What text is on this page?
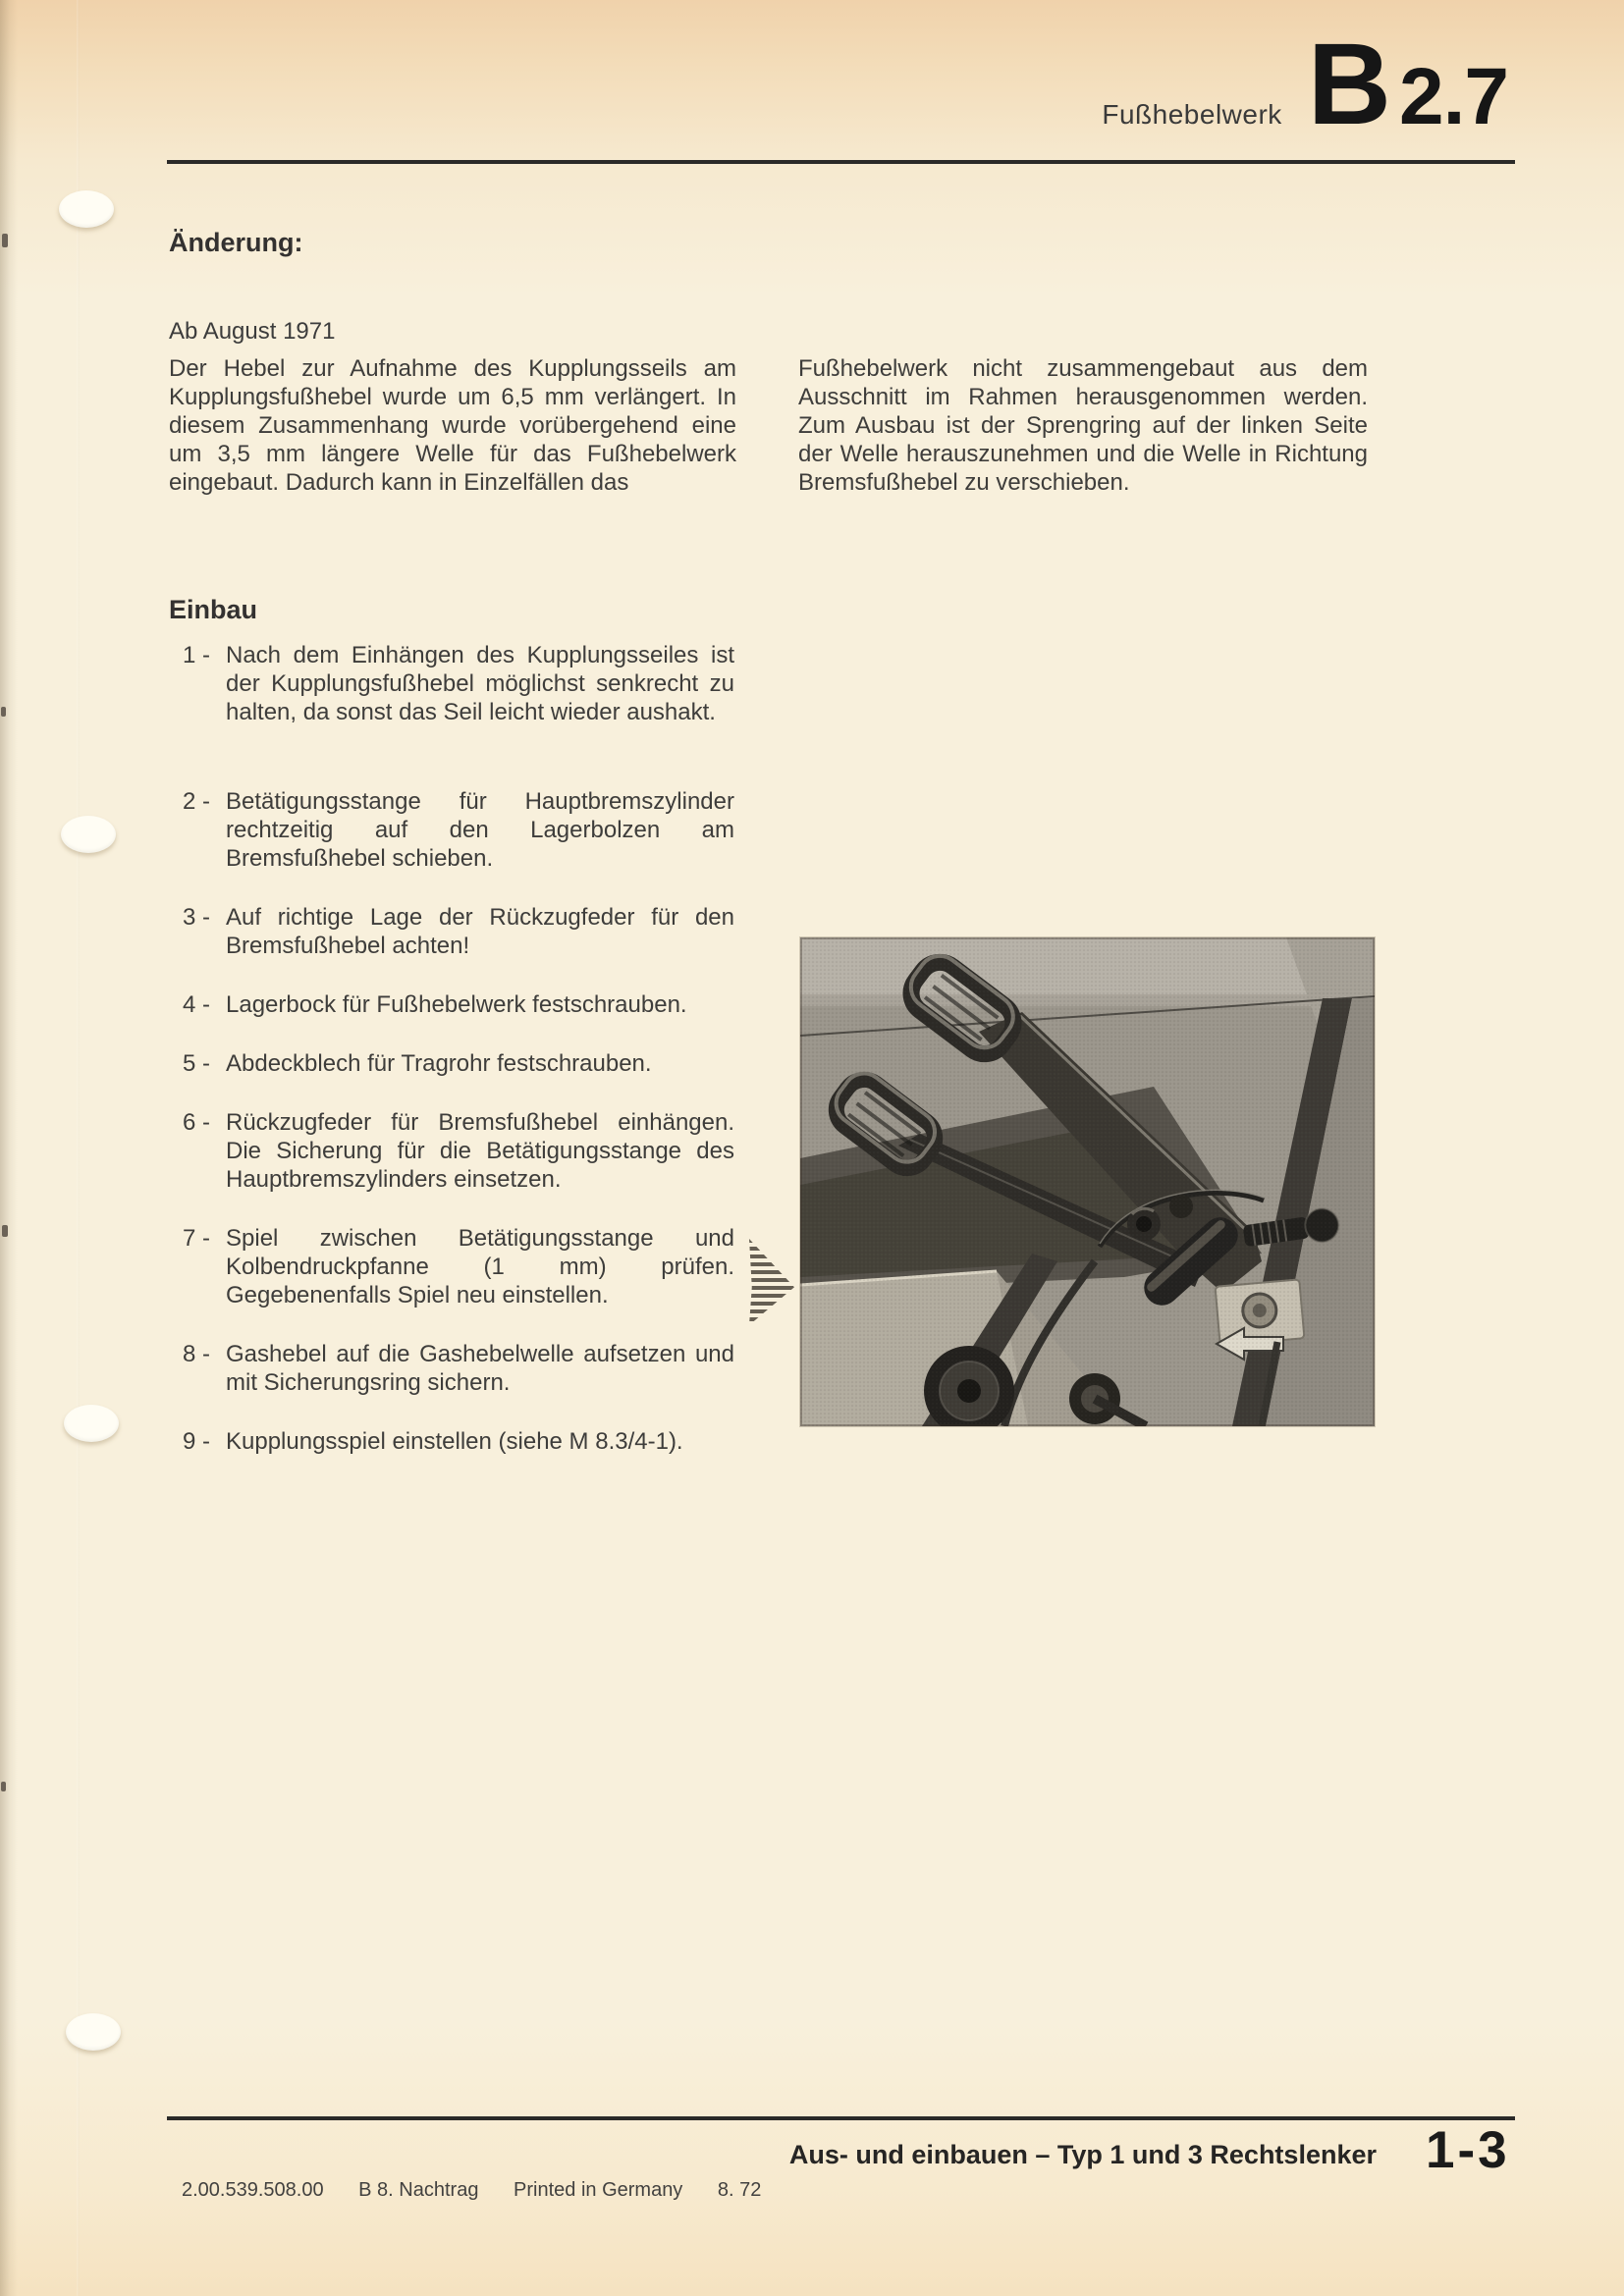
Fußhebelwerk B 2.7
Änderung:
Ab August 1971
Der Hebel zur Aufnahme des Kupplungsseils am Kupplungsfußhebel wurde um 6,5 mm verlängert. In diesem Zusammenhang wurde vorübergehend eine um 3,5 mm längere Welle für das Fußhebelwerk eingebaut. Dadurch kann in Einzelfällen das
Fußhebelwerk nicht zusammengebaut aus dem Ausschnitt im Rahmen herausgenommen werden. Zum Ausbau ist der Sprengring auf der linken Seite der Welle herauszunehmen und die Welle in Richtung Bremsfußhebel zu verschieben.
Einbau
1 - Nach dem Einhängen des Kupplungsseiles ist der Kupplungsfußhebel möglichst senkrecht zu halten, da sonst das Seil leicht wieder aushakt.
2 - Betätigungsstange für Hauptbremszylinder rechtzeitig auf den Lagerbolzen am Bremsfußhebel schieben.
3 - Auf richtige Lage der Rückzugfeder für den Bremsfußhebel achten!
4 - Lagerbock für Fußhebelwerk festschrauben.
5 - Abdeckblech für Tragrohr festschrauben.
6 - Rückzugfeder für Bremsfußhebel einhängen. Die Sicherung für die Betätigungsstange des Hauptbremszylinders einsetzen.
7 - Spiel zwischen Betätigungsstange und Kolbendruckpfanne (1 mm) prüfen. Gegebenenfalls Spiel neu einstellen.
8 - Gashebel auf die Gashebelwelle aufsetzen und mit Sicherungsring sichern.
9 - Kupplungsspiel einstellen (siehe M 8.3/4-1).
Aus- und einbauen – Typ 1 und 3 Rechtslenker 1-3
2.00.539.508.00 B 8. Nachtrag Printed in Germany 8. 72
